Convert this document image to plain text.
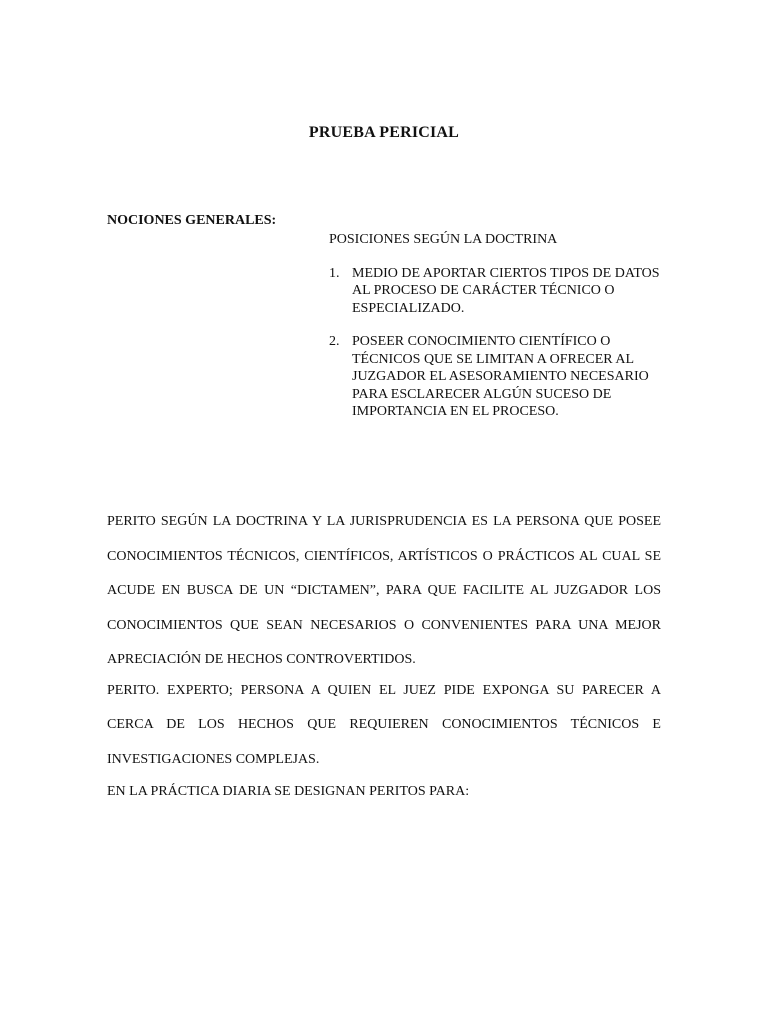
PRUEBA PERICIAL
NOCIONES GENERALES:
POSICIONES SEGÚN LA DOCTRINA
1. MEDIO DE APORTAR CIERTOS TIPOS DE DATOS AL PROCESO DE CARÁCTER TÉCNICO O ESPECIALIZADO.
2. POSEER CONOCIMIENTO CIENTÍFICO O TÉCNICOS QUE SE LIMITAN A OFRECER AL JUZGADOR EL ASESORAMIENTO NECESARIO PARA ESCLARECER ALGÚN SUCESO DE IMPORTANCIA EN EL PROCESO.

PERITO SEGÚN LA DOCTRINA Y LA JURISPRUDENCIA ES LA PERSONA QUE POSEE CONOCIMIENTOS TÉCNICOS, CIENTÍFICOS, ARTÍSTICOS O PRÁCTICOS AL CUAL SE ACUDE EN BUSCA DE UN “DICTAMEN”, PARA QUE FACILITE AL JUZGADOR LOS CONOCIMIENTOS QUE SEAN NECESARIOS O CONVENIENTES PARA UNA MEJOR APRECIACIÓN DE HECHOS CONTROVERTIDOS.

PERITO. EXPERTO; PERSONA A QUIEN EL JUEZ PIDE EXPONGA SU PARECER A CERCA DE LOS HECHOS QUE REQUIEREN CONOCIMIENTOS TÉCNICOS E INVESTIGACIONES COMPLEJAS.

EN LA PRÁCTICA DIARIA SE DESIGNAN PERITOS PARA:
